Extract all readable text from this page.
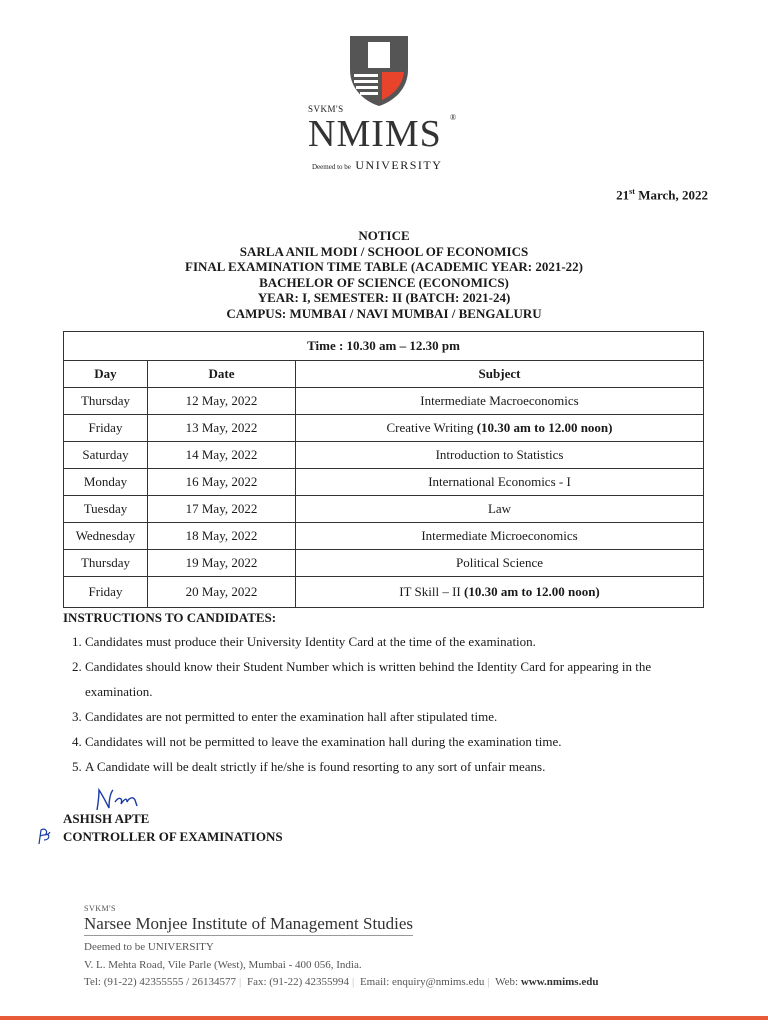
SVKM'S
NMIMS ®
Deemed to be UNIVERSITY
21st March, 2022
NOTICE
SARLA ANIL MODI / SCHOOL OF ECONOMICS
FINAL EXAMINATION TIME TABLE (ACADEMIC YEAR: 2021-22)
BACHELOR OF SCIENCE (ECONOMICS)
YEAR: I, SEMESTER: II (BATCH: 2021-24)
CAMPUS: MUMBAI / NAVI MUMBAI / BENGALURU
Time : 10.30 am – 12.30 pm		
Day	Date	Subject
Thursday	12 May, 2022	Intermediate Macroeconomics
Friday	13 May, 2022	Creative Writing (10.30 am to 12.00 noon)
Saturday	14 May, 2022	Introduction to Statistics
Monday	16 May, 2022	International Economics - I
Tuesday	17 May, 2022	Law
Wednesday	18 May, 2022	Intermediate Microeconomics
Thursday	19 May, 2022	Political Science
Friday	20 May, 2022	IT Skill – II (10.30 am to 12.00 noon)
INSTRUCTIONS TO CANDIDATES:
1. Candidates must produce their University Identity Card at the time of the examination.
2. Candidates should know their Student Number which is written behind the Identity Card for appearing in the examination.
3. Candidates are not permitted to enter the examination hall after stipulated time.
4. Candidates will not be permitted to leave the examination hall during the examination time.
5. A Candidate will be dealt strictly if he/she is found resorting to any sort of unfair means.
ASHISH APTE
CONTROLLER OF EXAMINATIONS
SVKM'S
Narsee Monjee Institute of Management Studies
Deemed to be UNIVERSITY
V. L. Mehta Road, Vile Parle (West), Mumbai - 400 056, India.
Tel: (91-22) 42355555 / 26134577 | Fax: (91-22) 42355994 | Email: enquiry@nmims.edu | Web: www.nmims.edu
